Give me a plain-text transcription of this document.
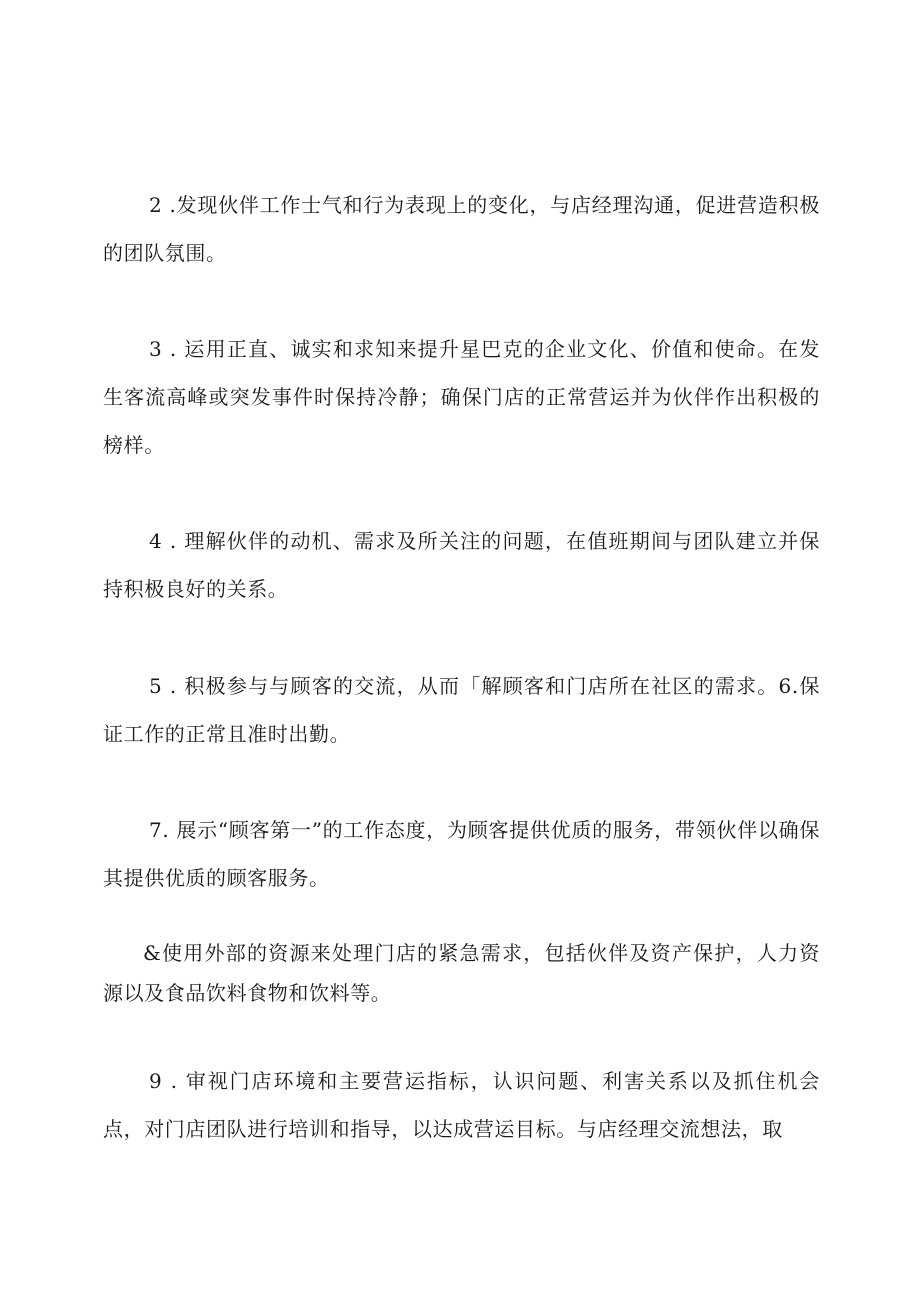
2 .发现伙伴工作士气和行为表现上的变化，与店经理沟通，促进营造积极的团队氛围。

3 . 运用正直、诚实和求知来提升星巴克的企业文化、价值和使命。在发生客流高峰或突发事件时保持冷静；确保门店的正常营运并为伙伴作出积极的榜样。

4 . 理解伙伴的动机、需求及所关注的问题，在值班期间与团队建立并保持积极良好的关系。

5 . 积极参与与顾客的交流，从而「解顾客和门店所在社区的需求。6.保证工作的正常且准时出勤。

7. 展示“顾客第一”的工作态度，为顾客提供优质的服务，带领伙伴以确保其提供优质的顾客服务。

&使用外部的资源来处理门店的紧急需求，包括伙伴及资产保护，人力资源以及食品饮料食物和饮料等。

9 . 审视门店环境和主要营运指标，认识问题、利害关系以及抓住机会点，对门店团队进行培训和指导，以达成营运目标。与店经理交流想法，取
